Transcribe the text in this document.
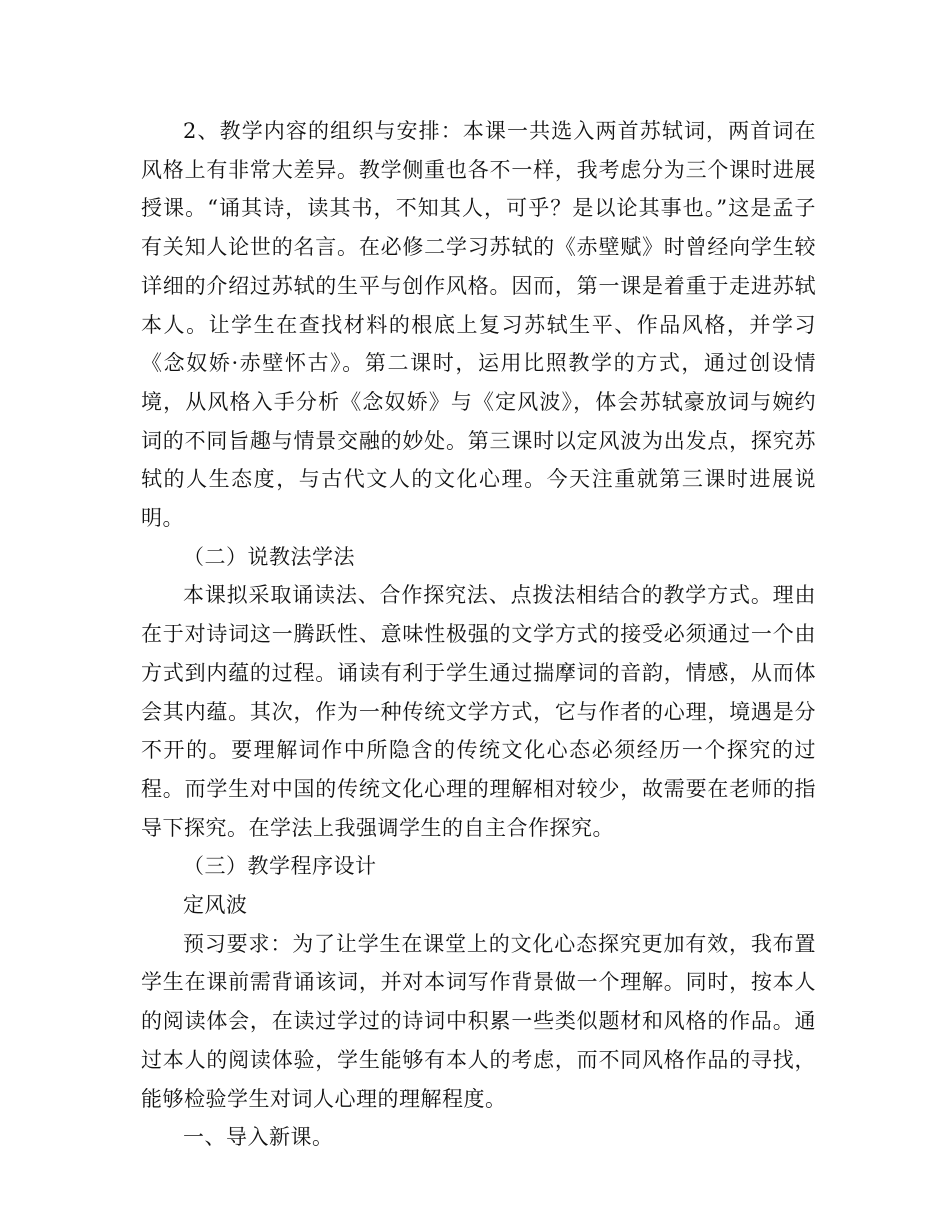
2、教学内容的组织与安排：本课一共选入两首苏轼词，两首词在风格上有非常大差异。教学侧重也各不一样，我考虑分为三个课时进展授课。“诵其诗，读其书，不知其人，可乎？是以论其事也。”这是孟子有关知人论世的名言。在必修二学习苏轼的《赤壁赋》时曾经向学生较详细的介绍过苏轼的生平与创作风格。因而，第一课是着重于走进苏轼本人。让学生在查找材料的根底上复习苏轼生平、作品风格，并学习《念奴娇·赤壁怀古》。第二课时，运用比照教学的方式，通过创设情境，从风格入手分析《念奴娇》与《定风波》，体会苏轼豪放词与婉约词的不同旨趣与情景交融的妙处。第三课时以定风波为出发点，探究苏轼的人生态度，与古代文人的文化心理。今天注重就第三课时进展说明。

（二）说教法学法

本课拟采取诵读法、合作探究法、点拨法相结合的教学方式。理由在于对诗词这一腾跃性、意味性极强的文学方式的接受必须通过一个由方式到内蕴的过程。诵读有利于学生通过揣摩词的音韵，情感，从而体会其内蕴。其次，作为一种传统文学方式，它与作者的心理，境遇是分不开的。要理解词作中所隐含的传统文化心态必须经历一个探究的过程。而学生对中国的传统文化心理的理解相对较少，故需要在老师的指导下探究。在学法上我强调学生的自主合作探究。

（三）教学程序设计

定风波

预习要求：为了让学生在课堂上的文化心态探究更加有效，我布置学生在课前需背诵该词，并对本词写作背景做一个理解。同时，按本人的阅读体会，在读过学过的诗词中积累一些类似题材和风格的作品。通过本人的阅读体验，学生能够有本人的考虑，而不同风格作品的寻找，能够检验学生对词人心理的理解程度。

一、导入新课。
